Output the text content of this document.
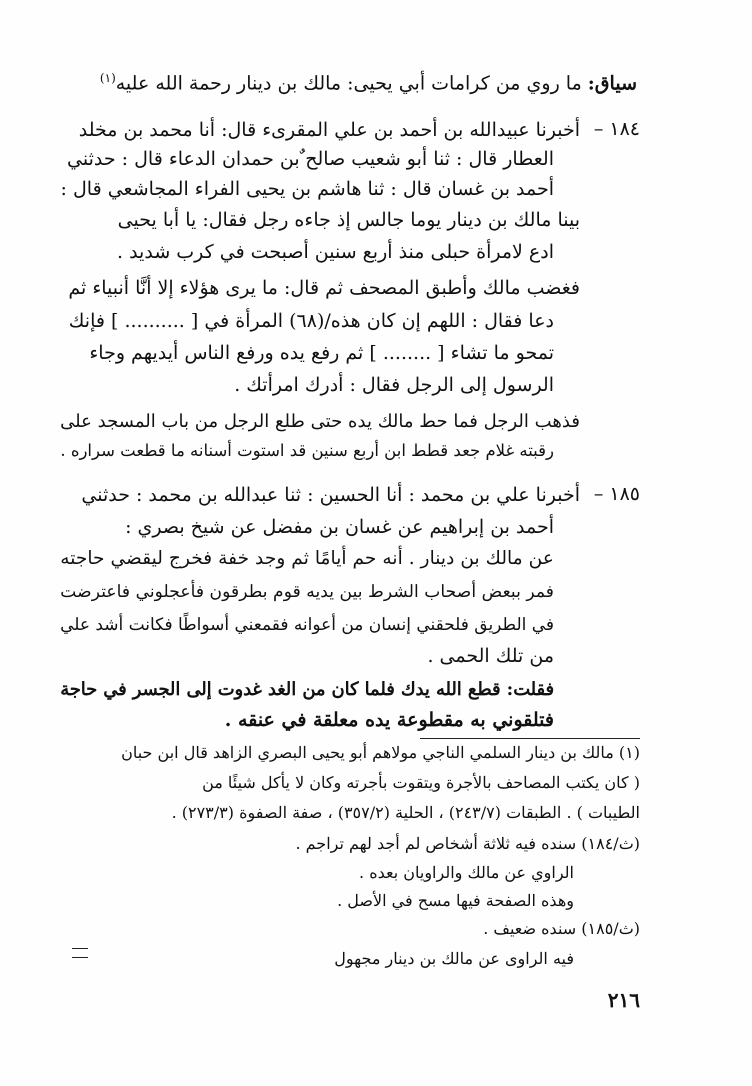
سياق: ما روي من كرامات أبي يحيى: مالك بن دينار رحمة الله عليه$^{(١)}$
١٨٤ –
أخبرنا عبيدالله بن أحمد بن علي المقرىء قال: أنا محمد بن مخلد
العطار قال : ثنا أبو شعيب صالح ٌبن حمدان الدعاء قال : حدثني
أحمد بن غسان قال : ثنا هاشم بن يحيى الفراء المجاشعي قال :
بينا مالك بن دينار يوما جالس إذ جاءه رجل فقال: يا أبا يحيى
ادع لامرأة حبلى منذ أربع سنين أصبحت في كرب شديد .
فغضب مالك وأطبق المصحف ثم قال: ما يرى هؤلاء إلا أنَّا أنبياء ثم
دعا فقال : اللهم إن كان هذه/(٦٨) المرأة في [ .......... ] فإنك
تمحو ما تشاء [ ........ ] ثم رفع يده ورفع الناس أيديهم وجاء
الرسول إلى الرجل فقال : أدرك امرأتك .
فذهب الرجل فما حط مالك يده حتى طلع الرجل من باب المسجد على
رقبته غلام جعد قطط ابن أربع سنين قد استوت أسنانه ما قطعت سراره .
١٨٥ –
أخبرنا علي بن محمد : أنا الحسين : ثنا عبدالله بن محمد : حدثني
أحمد بن إبراهيم عن غسان بن مفضل عن شيخ بصري :
عن مالك بن دينار . أنه حم أيامًا ثم وجد خفة فخرج ليقضي حاجته
فمر ببعض أصحاب الشرط بين يديه قوم بطرقون فأعجلوني فاعترضت
في الطريق فلحقني إنسان من أعوانه فقمعني أسواطًا فكانت أشد علي
من تلك الحمى .
فقلت: قطع الله يدك فلما كان من الغد غدوت إلى الجسر في حاجة
فتلقوني به مقطوعة يده معلقة في عنقه .
(١) مالك بن دينار السلمي الناجي مولاهم أبو يحيى البصري الزاهد قال ابن حبان
( كان يكتب المصاحف بالأجرة ويتقوت بأجرته وكان لا يأكل شيئًا من
الطيبات ) . الطبقات (٢٤٣/٧) ، الحلية (٣٥٧/٢) ، صفة الصفوة (٢٧٣/٣) .
(ث/١٨٤) سنده فيه ثلاثة أشخاص لم أجد لهم تراجم .
الراوي عن مالك والراويان بعده .
وهذه الصفحة فيها مسح في الأصل .
(ث/١٨٥) سنده ضعيف .
فيه الراوى عن مالك بن دينار مجهول
٢١٦
